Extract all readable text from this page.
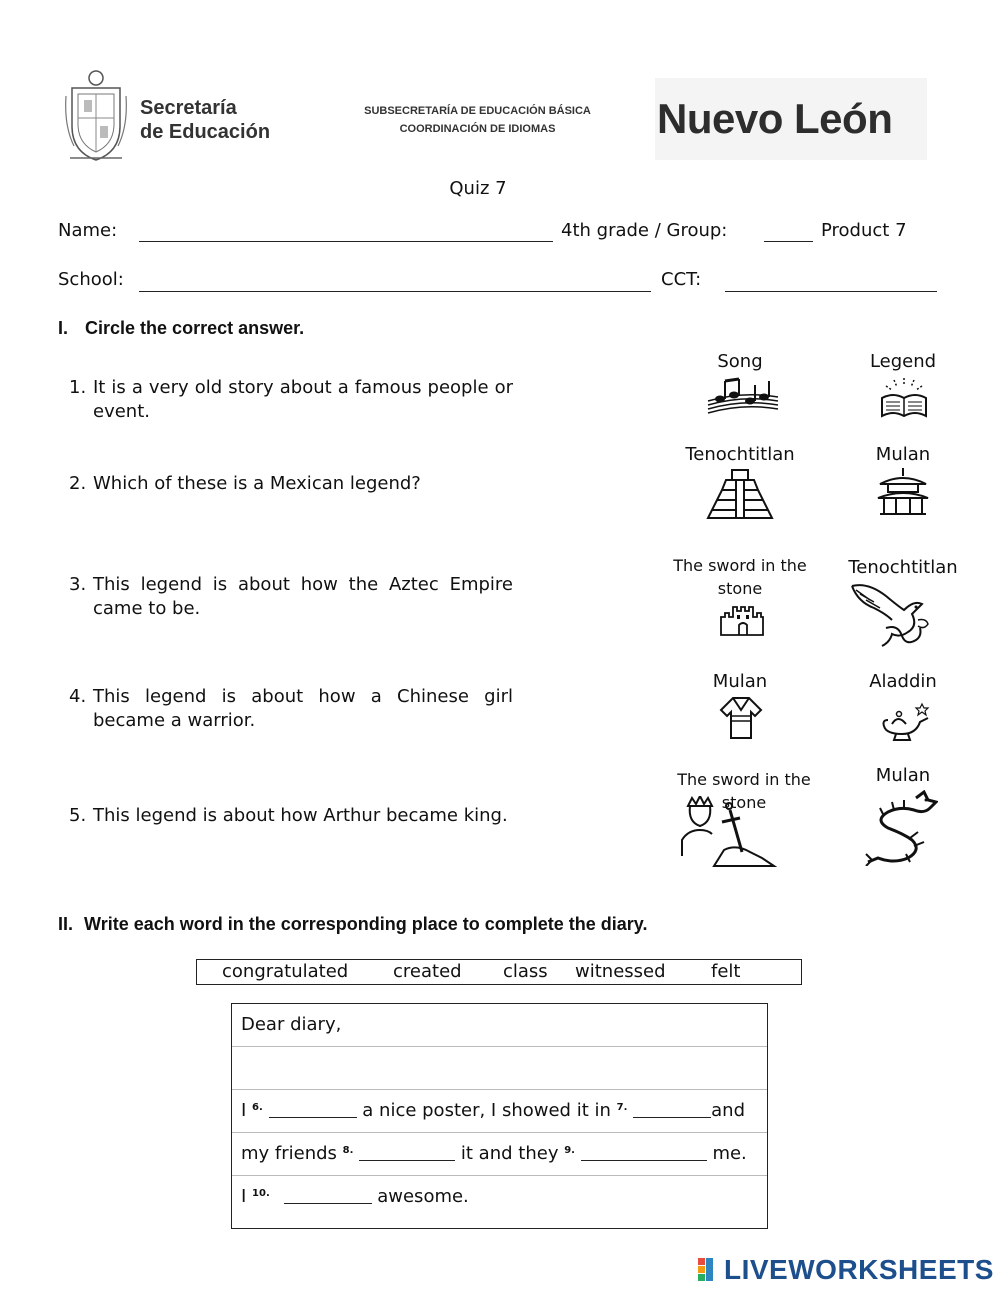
Secretaría
de Educación
SUBSECRETARÍA DE EDUCACIÓN BÁSICA
COORDINACIÓN DE IDIOMAS	Nuevo León
Quiz 7
Name:	4th grade / Group:	Product 7
School:	CCT:
I. Circle the correct answer.
1. It is a very old story about a famous people or event.
Song	Legend
2. Which of these is a Mexican legend?
Tenochtitlan	Mulan
3. This legend is about how the Aztec Empire came to be.
The sword in the stone
Tenochtitlan
4. This legend is about how a Chinese girl became a warrior.
Mulan	Aladdin
5. This legend is about how Arthur became king.
The sword in the stone
Mulan
II. Write each word in the corresponding place to complete the diary.
congratulated created class witnessed	felt
Dear diary,
I $^{6.}$	a nice poster, I showed it in $^{7.}$	and
my friends $^{8.}$	it and they $^{9.}$	me.
I $^{10.}$	awesome.
LIVEWORKSHEETS
